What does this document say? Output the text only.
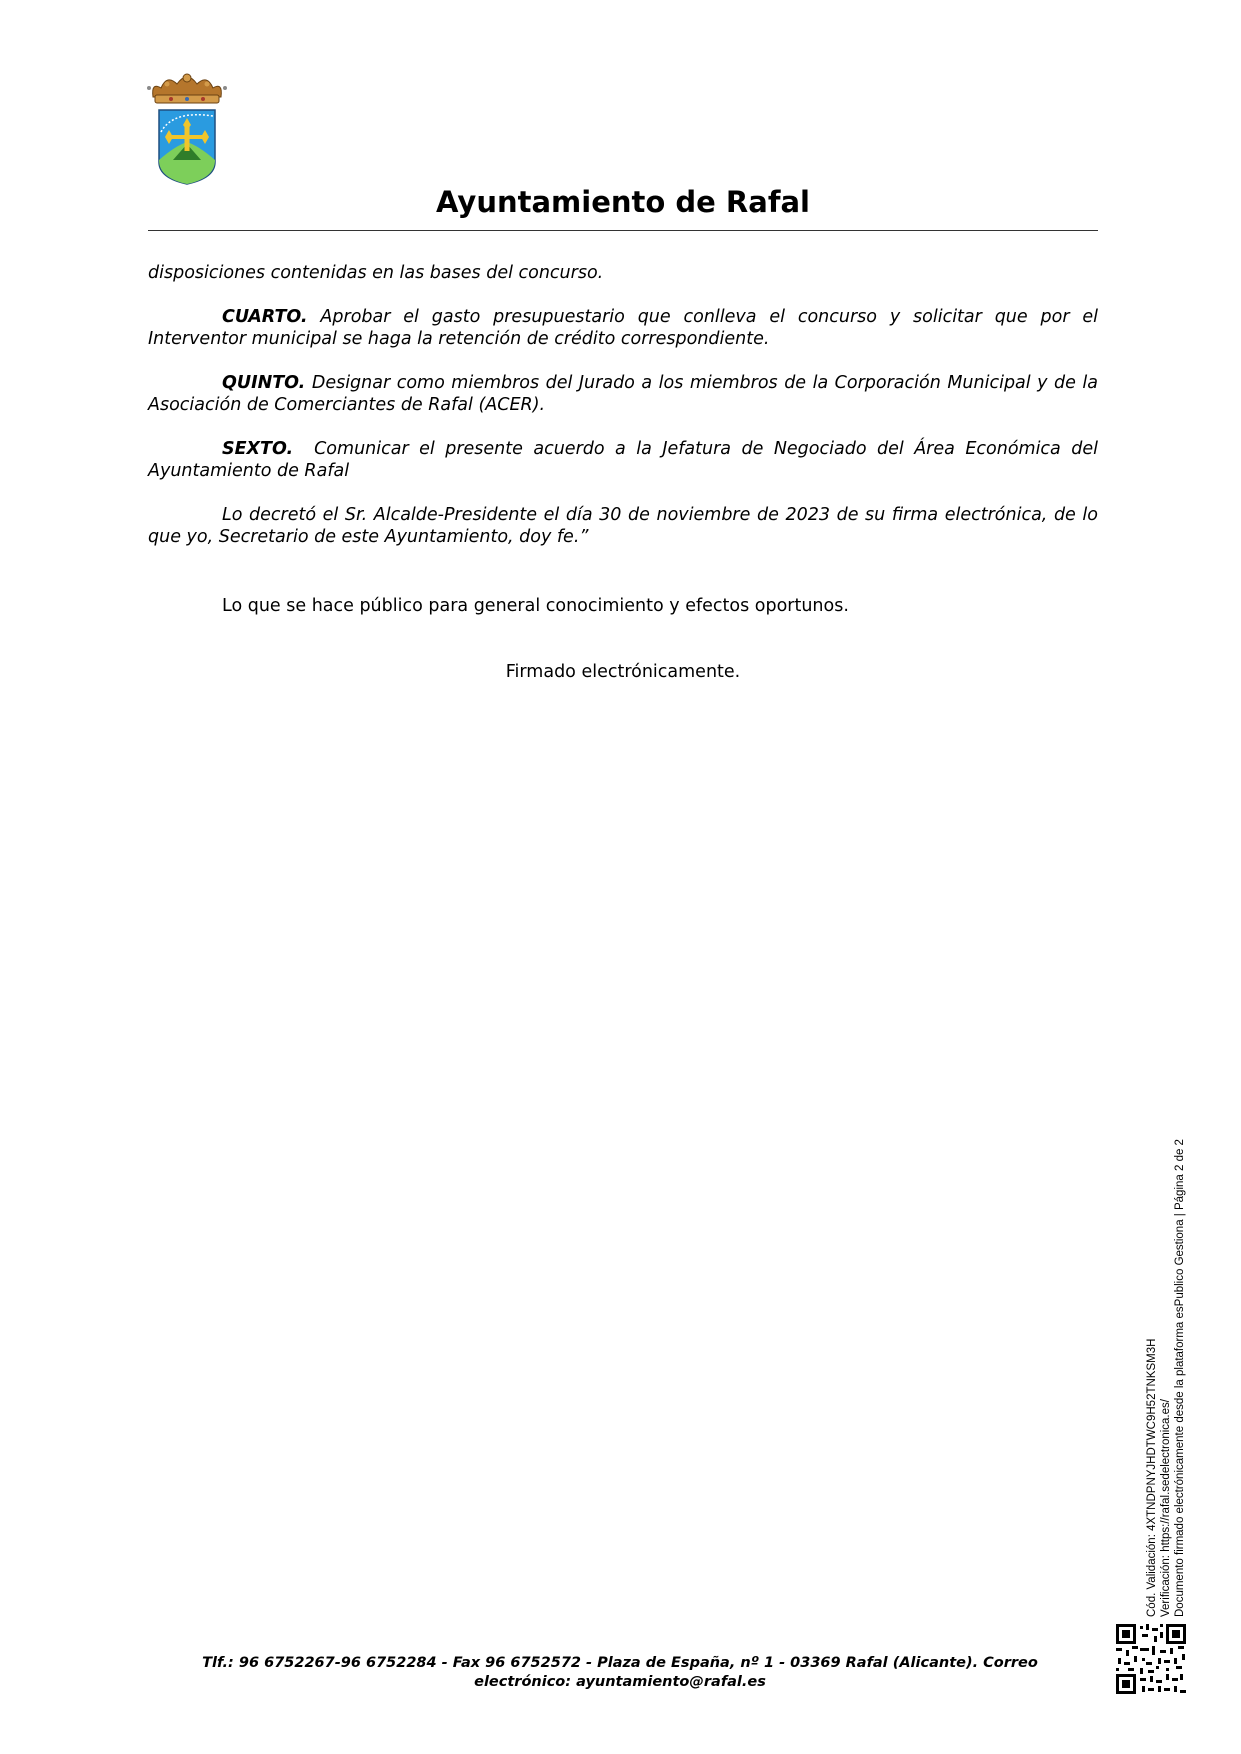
Ayuntamiento de Rafal

disposiciones contenidas en las bases del concurso.

CUARTO. Aprobar el gasto presupuestario que conlleva el concurso y solicitar que por el Interventor municipal se haga la retención de crédito correspondiente.

QUINTO. Designar como miembros del Jurado a los miembros de la Corporación Municipal y de la Asociación de Comerciantes de Rafal (ACER).

SEXTO.  Comunicar el presente acuerdo a la Jefatura de Negociado del Área Económica del Ayuntamiento de Rafal

Lo decretó el Sr. Alcalde-Presidente el día 30 de noviembre de 2023 de su firma electrónica, de lo que yo, Secretario de este Ayuntamiento, doy fe.”

Lo que se hace público para general conocimiento y efectos oportunos.
Firmado electrónicamente.
Tlf.: 96 6752267-96 6752284 - Fax 96 6752572 - Plaza de España, nº 1 - 03369 Rafal (Alicante). Correo
electrónico: ayuntamiento@rafal.es
Cód. Validación: 4XTNDPNYJHDTWC9H52TNKSM3H Verificación: https://rafal.sedelectronica.es/ Documento firmado electrónicamente desde la plataforma esPublico Gestiona | Página 2 de 2
